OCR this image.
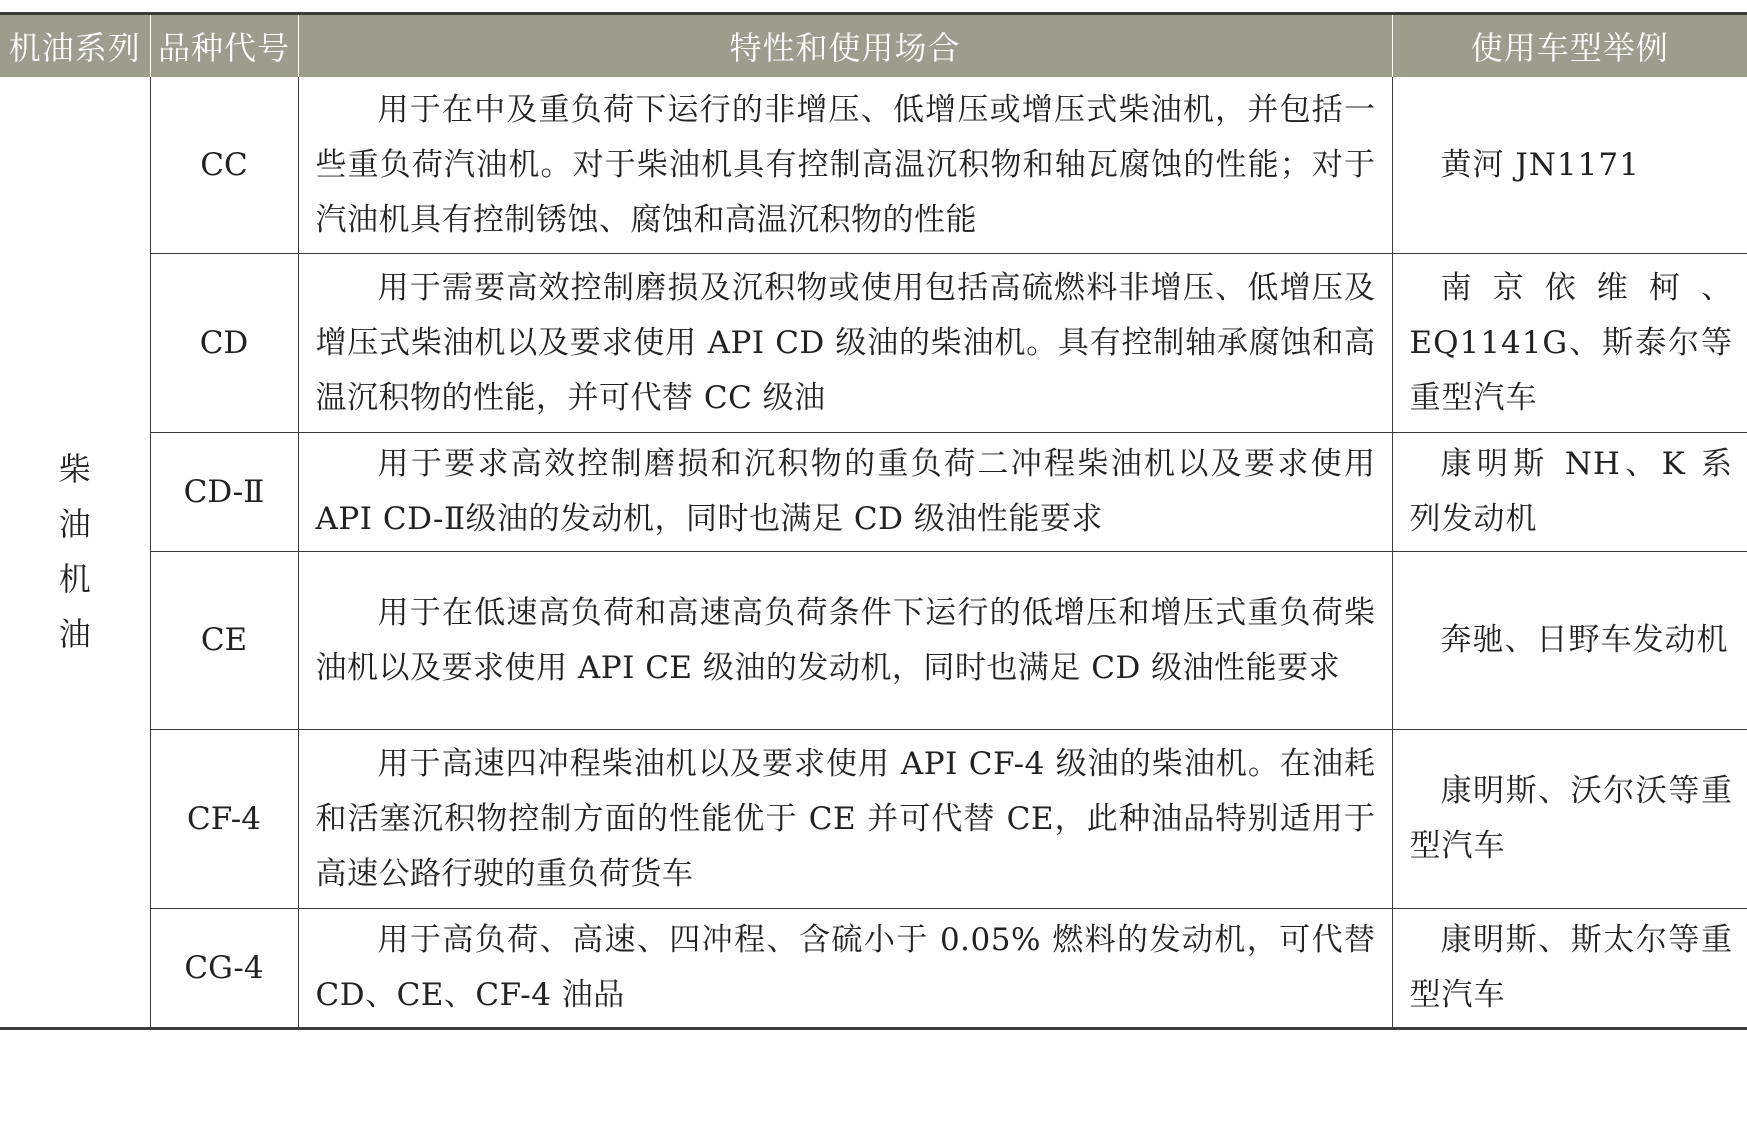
机油系列	品种代号	特性和使用场合	使用车型举例
柴油机油	CC	用于在中及重负荷下运行的非增压、低增压或增压式柴油机，并包括一些重负荷汽油机。对于柴油机具有控制高温沉积物和轴瓦腐蚀的性能；对于汽油机具有控制锈蚀、腐蚀和高温沉积物的性能	黄河 JN1171

	CD	用于需要高效控制磨损及沉积物或使用包括高硫燃料非增压、低增压及增压式柴油机以及要求使用 API CD 级油的柴油机。具有控制轴承腐蚀和高温沉积物的性能，并可代替 CC 级油	南京依维柯、EQ1141G、斯泰尔等重型汽车

	CD-Ⅱ	用于要求高效控制磨损和沉积物的重负荷二冲程柴油机以及要求使用 API CD-Ⅱ级油的发动机，同时也满足 CD 级油性能要求	康明斯 NH、K 系列发动机

	CE	用于在低速高负荷和高速高负荷条件下运行的低增压和增压式重负荷柴油机以及要求使用 API CE 级油的发动机，同时也满足 CD 级油性能要求	奔驰、日野车发动机

	CF-4	用于高速四冲程柴油机以及要求使用 API CF-4 级油的柴油机。在油耗和活塞沉积物控制方面的性能优于 CE 并可代替 CE，此种油品特别适用于高速公路行驶的重负荷货车	康明斯、沃尔沃等重型汽车

	CG-4	用于高负荷、高速、四冲程、含硫小于 0.05% 燃料的发动机，可代替 CD、CE、CF-4 油品	康明斯、斯太尔等重型汽车
